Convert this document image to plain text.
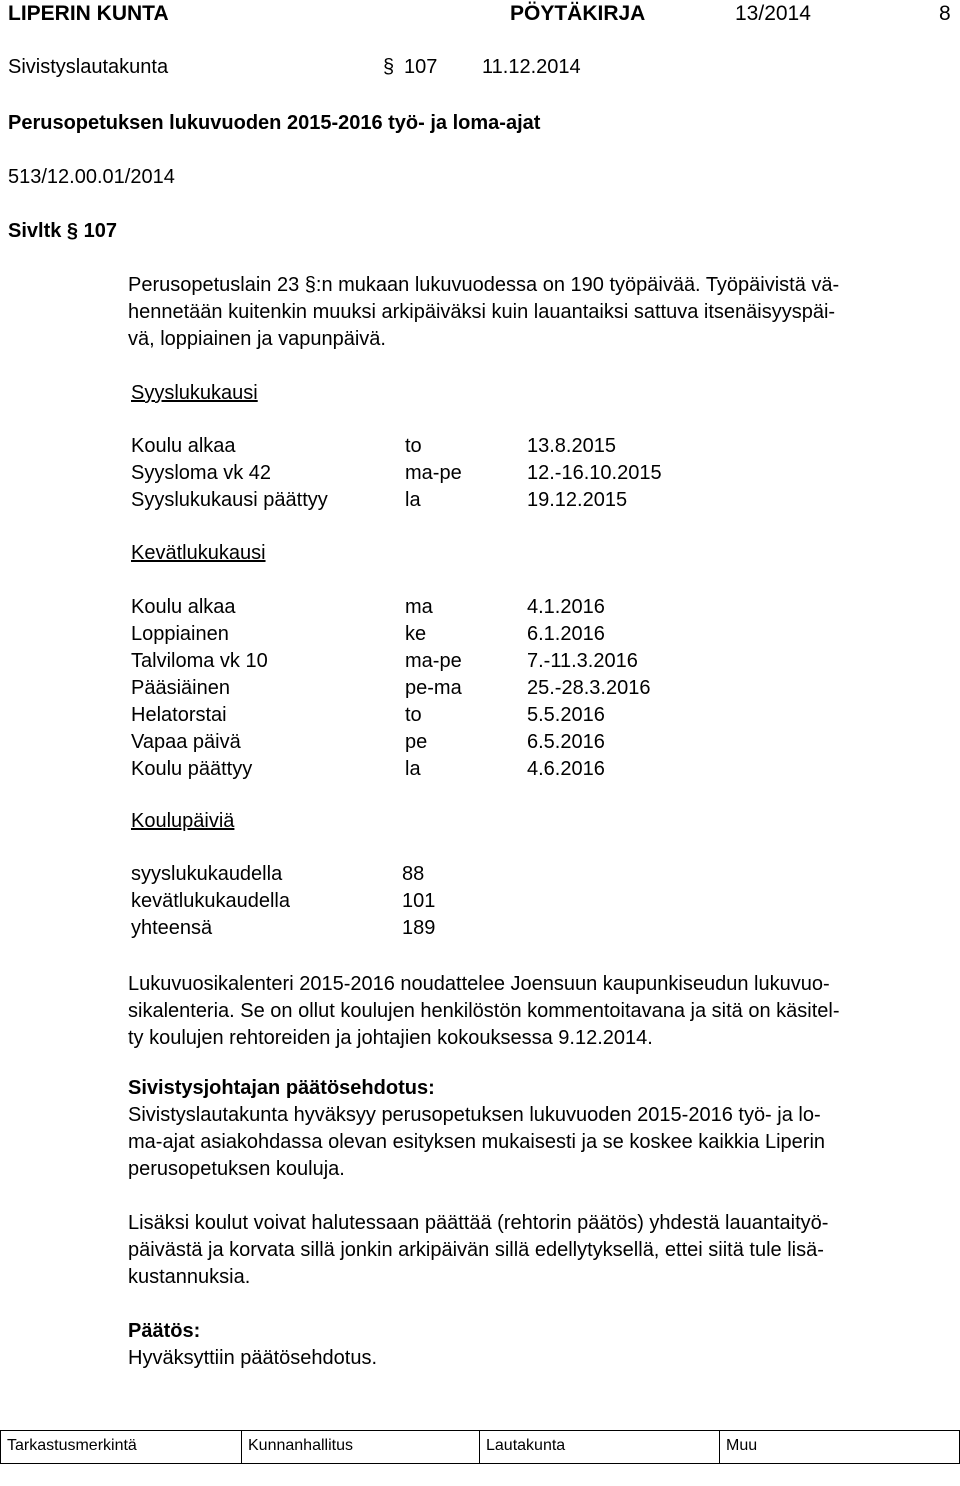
LIPERIN KUNTA	PÖYTÄKIRJA	13/2014	8
Sivistyslautakunta	§ 107 11.12.2014
Perusopetuksen lukuvuoden 2015-2016 työ- ja loma-ajat
513/12.00.01/2014
Sivltk § 107
Perusopetuslain 23 §:n mukaan lukuvuodessa on 190 työpäivää. Työpäivistä vä-
hennetään kuitenkin muuksi arkipäiväksi kuin lauantaiksi sattuva itsenäisyyspäi-
vä, loppiainen ja vapunpäivä.
Syyslukukausi
Koulu alkaa	to	13.8.2015
Syysloma vk 42	ma-pe	12.-16.10.2015
Syyslukukausi päättyy	la	19.12.2015
Kevätlukukausi
Koulu alkaa	ma	4.1.2016
Loppiainen	ke	6.1.2016
Talviloma vk 10	ma-pe	7.-11.3.2016
Pääsiäinen	pe-ma	25.-28.3.2016
Helatorstai	to	5.5.2016
Vapaa päivä	pe	6.5.2016
Koulu päättyy	la	4.6.2016
Koulupäiviä
syyslukukaudella	88
kevätlukukaudella	101
yhteensä	189
Lukuvuosikalenteri 2015-2016 noudattelee Joensuun kaupunkiseudun lukuvuo-
sikalenteria. Se on ollut koulujen henkilöstön kommentoitavana ja sitä on käsitel-
ty koulujen rehtoreiden ja johtajien kokouksessa 9.12.2014.
Sivistysjohtajan päätösehdotus:
Sivistyslautakunta hyväksyy perusopetuksen lukuvuoden 2015-2016 työ- ja lo-
ma-ajat asiakohdassa olevan esityksen mukaisesti ja se koskee kaikkia Liperin
perusopetuksen kouluja.
Lisäksi koulut voivat halutessaan päättää (rehtorin päätös) yhdestä lauantaityö-
päivästä ja korvata sillä jonkin arkipäivän sillä edellytyksellä, ettei siitä tule lisä-
kustannuksia.
Päätös:
Hyväksyttiin päätösehdotus.
Tarkastusmerkintä	Kunnanhallitus	Lautakunta	Muu
